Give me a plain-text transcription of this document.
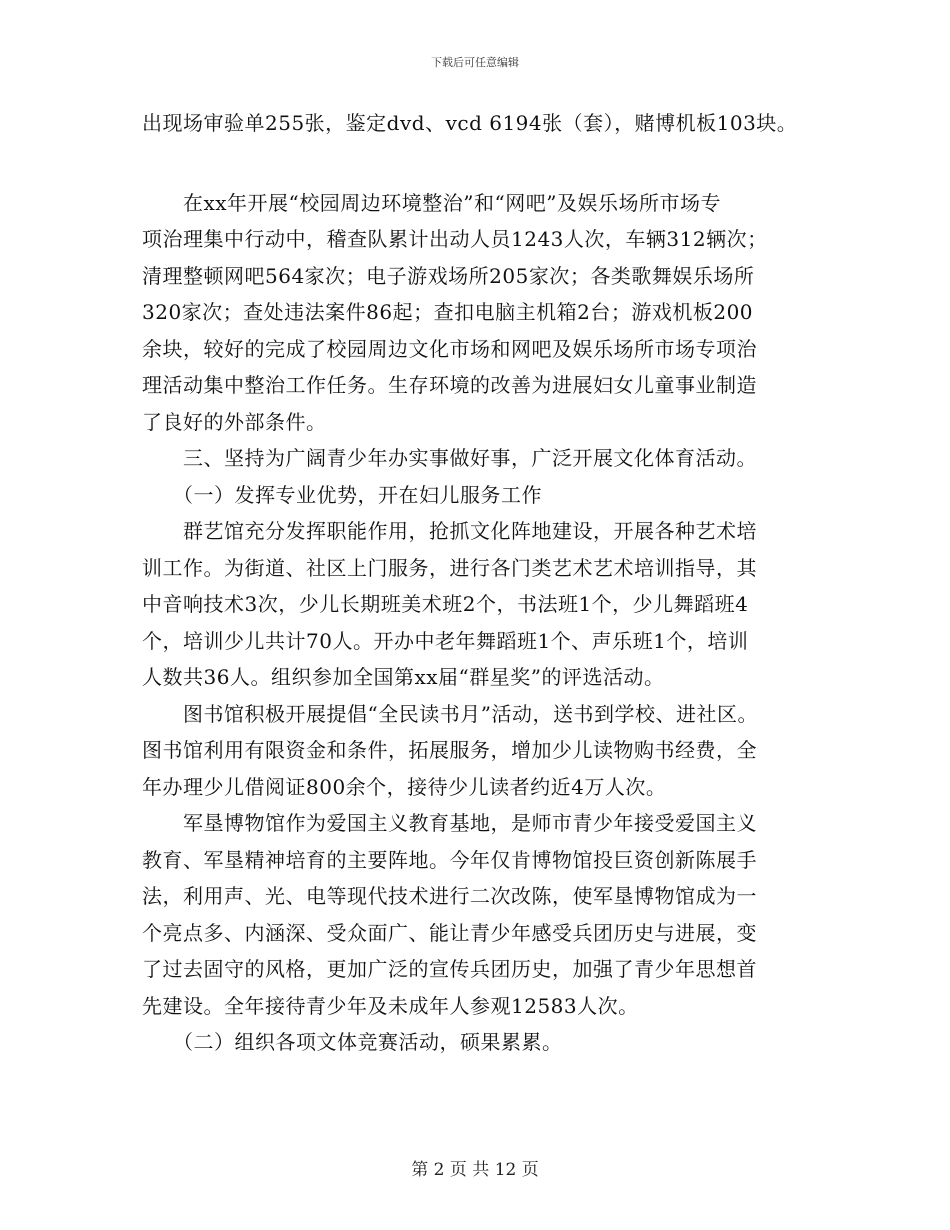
下载后可任意编辑
出现场审验单255张，鉴定dvd、vcd 6194张（套），赌博机板103块。
　　在xx年开展“校园周边环境整治”和“网吧”及娱乐场所市场专
项治理集中行动中，稽查队累计出动人员1243人次，车辆312辆次；
清理整顿网吧564家次；电子游戏场所205家次；各类歌舞娱乐场所
320家次；查处违法案件86起；查扣电脑主机箱2台；游戏机板200
余块，较好的完成了校园周边文化市场和网吧及娱乐场所市场专项治
理活动集中整治工作任务。生存环境的改善为进展妇女儿童事业制造
了良好的外部条件。
　　三、坚持为广阔青少年办实事做好事，广泛开展文化体育活动。
　　（一）发挥专业优势，开在妇儿服务工作
　　群艺馆充分发挥职能作用，抢抓文化阵地建设，开展各种艺术培
训工作。为街道、社区上门服务，进行各门类艺术艺术培训指导，其
中音响技术3次，少儿长期班美术班2个，书法班1个，少儿舞蹈班4
个，培训少儿共计70人。开办中老年舞蹈班1个、声乐班1个，培训
人数共36人。组织参加全国第xx届“群星奖”的评选活动。
　　图书馆积极开展提倡“全民读书月”活动，送书到学校、进社区。
图书馆利用有限资金和条件，拓展服务，增加少儿读物购书经费，全
年办理少儿借阅证800余个，接待少儿读者约近4万人次。
　　军垦博物馆作为爱国主义教育基地，是师市青少年接受爱国主义
教育、军垦精神培育的主要阵地。今年仅肯博物馆投巨资创新陈展手
法，利用声、光、电等现代技术进行二次改陈，使军垦博物馆成为一
个亮点多、内涵深、受众面广、能让青少年感受兵团历史与进展，变
了过去固守的风格，更加广泛的宣传兵团历史，加强了青少年思想首
先建设。全年接待青少年及未成年人参观12583人次。
　　（二）组织各项文体竞赛活动，硕果累累。
第 2 页 共 12 页
